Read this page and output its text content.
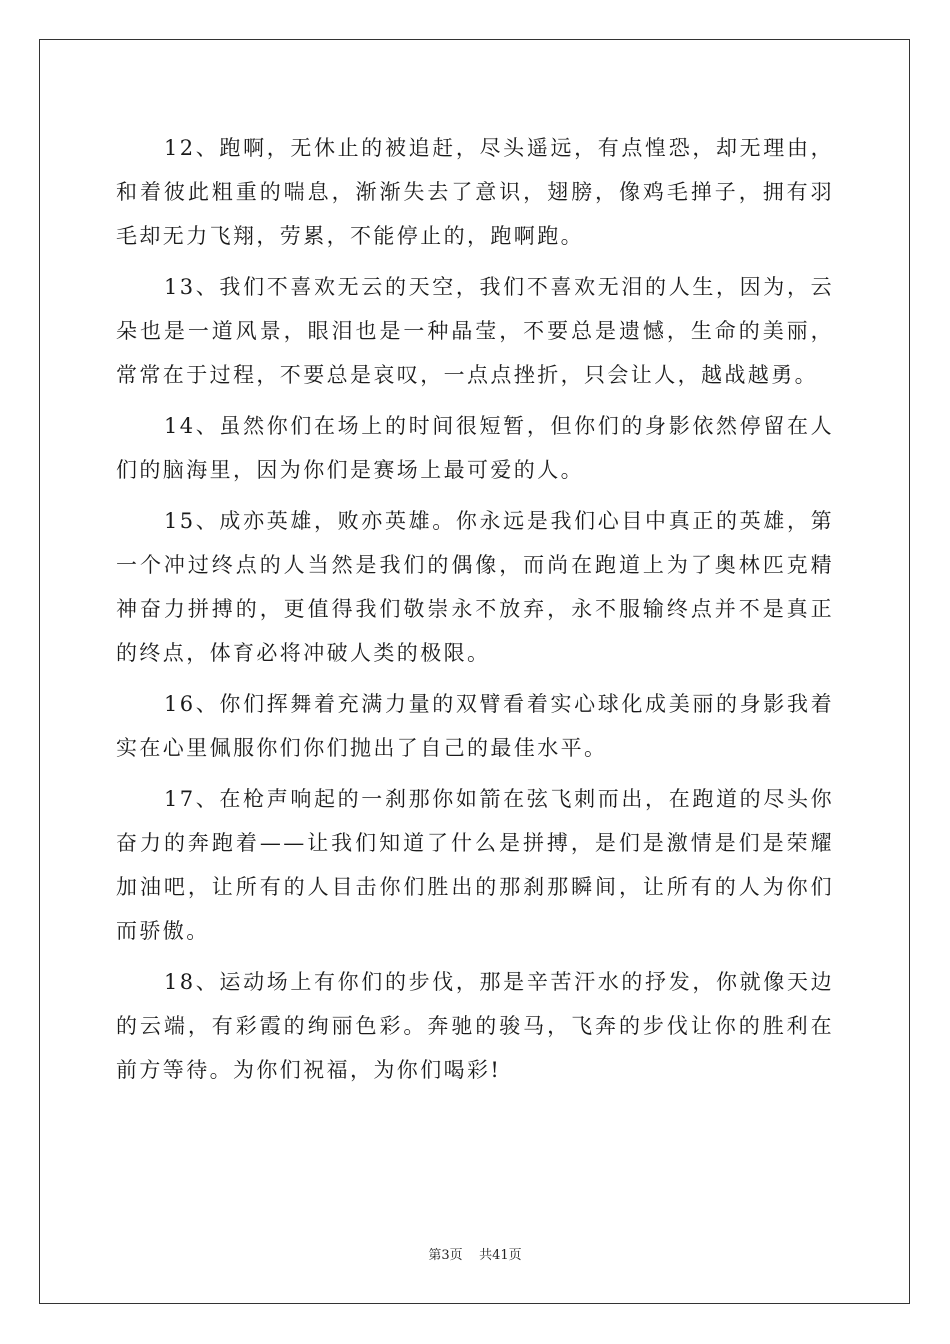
12、跑啊，无休止的被追赶，尽头遥远，有点惶恐，却无理由，和着彼此粗重的喘息，渐渐失去了意识，翅膀，像鸡毛掸子，拥有羽毛却无力飞翔，劳累，不能停止的，跑啊跑。

13、我们不喜欢无云的天空，我们不喜欢无泪的人生，因为，云朵也是一道风景，眼泪也是一种晶莹，不要总是遗憾，生命的美丽，常常在于过程，不要总是哀叹，一点点挫折，只会让人，越战越勇。

14、虽然你们在场上的时间很短暂，但你们的身影依然停留在人们的脑海里，因为你们是赛场上最可爱的人。

15、成亦英雄，败亦英雄。你永远是我们心目中真正的英雄，第一个冲过终点的人当然是我们的偶像，而尚在跑道上为了奥林匹克精神奋力拼搏的，更值得我们敬崇永不放弃，永不服输终点并不是真正的终点，体育必将冲破人类的极限。

16、你们挥舞着充满力量的双臂看着实心球化成美丽的身影我着实在心里佩服你们你们抛出了自己的最佳水平。

17、在枪声响起的一刹那你如箭在弦飞刺而出，在跑道的尽头你奋力的奔跑着——让我们知道了什么是拼搏，是们是激情是们是荣耀加油吧，让所有的人目击你们胜出的那刹那瞬间，让所有的人为你们而骄傲。

18、运动场上有你们的步伐，那是辛苦汗水的抒发，你就像天边的云端，有彩霞的绚丽色彩。奔驰的骏马，飞奔的步伐让你的胜利在前方等待。为你们祝福，为你们喝彩!

第3页 共41页
